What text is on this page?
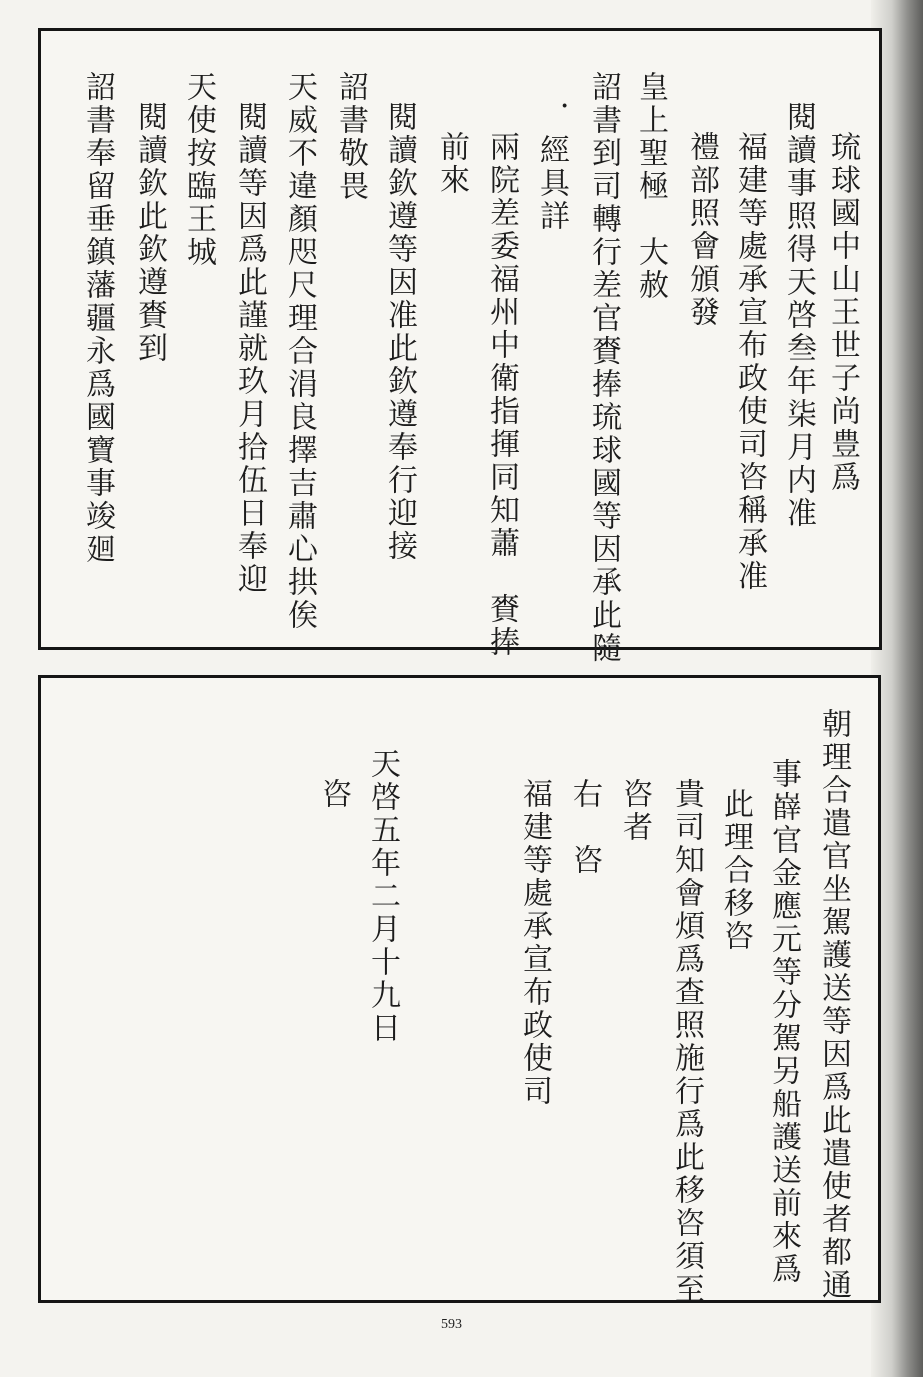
琉球國中山王世子尚豊爲
閱讀事照得天啓叁年柒月内准
福建等處承宣布政使司咨稱承准
禮部照會頒發
皇上聖極　大赦
詔書到司轉行差官賚捧琉球國等因承此隨
．經具詳
兩院差委福州中衛指揮同知蕭　賚捧
前來
閱讀欽遵等因准此欽遵奉行迎接
詔書敬畏
天威不違顏咫尺理合涓良擇吉肅心拱俟
閱讀等因爲此謹就玖月拾伍日奉迎
天使按臨王城
閱讀欽此欽遵賚到
詔書奉留垂鎮藩疆永爲國寶事竣廻
朝理合遣官坐駕護送等因爲此遣使者都通
事嶭官金應元等分駕另船護送前來爲
此理合移咨
貴司知會煩爲查照施行爲此移咨須至
咨者
右　咨
福建等處承宣布政使司
天啓五年二月十九日
咨
593
